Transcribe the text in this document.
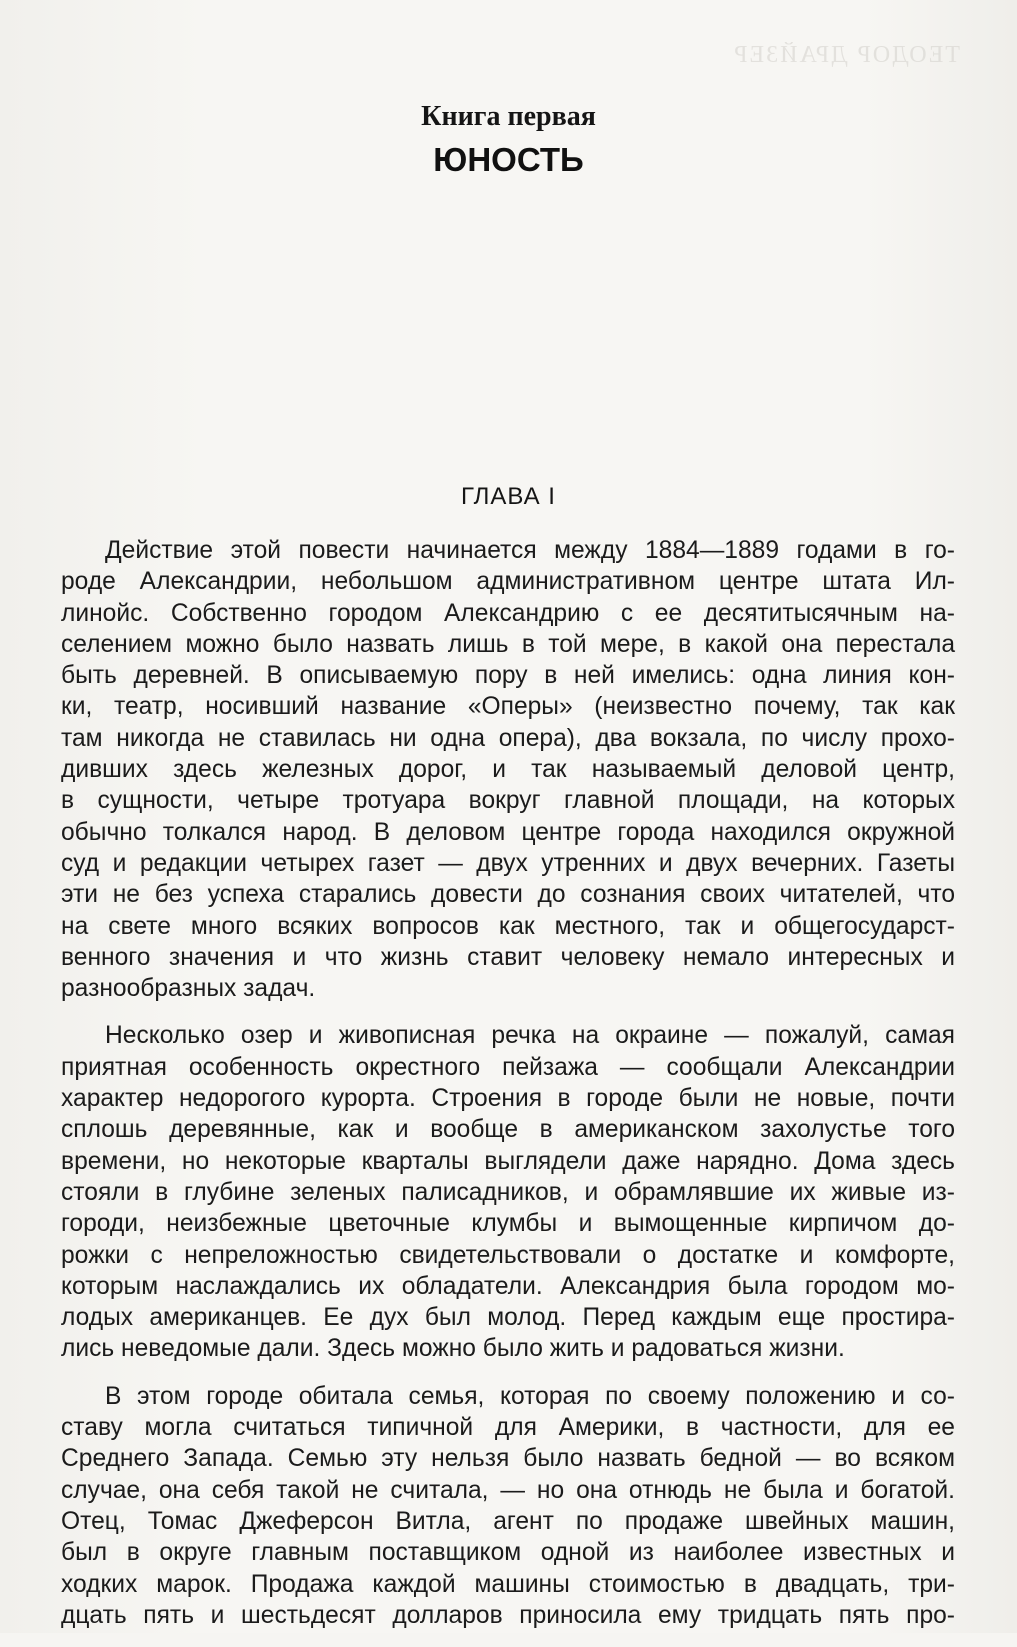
ТЕОДОР ДРАЙЗЕР
Книга первая
ЮНОСТЬ
ГЛАВА I
Действие этой повести начинается между 1884—1889 годами в го-
роде Александрии, небольшом административном центре штата Ил-
линойс. Собственно городом Александрию с ее десятитысячным на-
селением можно было назвать лишь в той мере, в какой она перестала
быть деревней. В описываемую пору в ней имелись: одна линия кон-
ки, театр, носивший название «Оперы» (неизвестно почему, так как
там никогда не ставилась ни одна опера), два вокзала, по числу прохо-
дивших здесь железных дорог, и так называемый деловой центр,
в сущности, четыре тротуара вокруг главной площади, на которых
обычно толкался народ. В деловом центре города находился окружной
суд и редакции четырех газет — двух утренних и двух вечерних. Газеты
эти не без успеха старались довести до сознания своих читателей, что
на свете много всяких вопросов как местного, так и общегосударст-
венного значения и что жизнь ставит человеку немало интересных и
разнообразных задач.
Несколько озер и живописная речка на окраине — пожалуй, самая
приятная особенность окрестного пейзажа — сообщали Александрии
характер недорогого курорта. Строения в городе были не новые, почти
сплошь деревянные, как и вообще в американском захолустье того
времени, но некоторые кварталы выглядели даже нарядно. Дома здесь
стояли в глубине зеленых палисадников, и обрамлявшие их живые из-
городи, неизбежные цветочные клумбы и вымощенные кирпичом до-
рожки с непреложностью свидетельствовали о достатке и комфорте,
которым наслаждались их обладатели. Александрия была городом мо-
лодых американцев. Ее дух был молод. Перед каждым еще простира-
лись неведомые дали. Здесь можно было жить и радоваться жизни.
В этом городе обитала семья, которая по своему положению и со-
ставу могла считаться типичной для Америки, в частности, для ее
Среднего Запада. Семью эту нельзя было назвать бедной — во всяком
случае, она себя такой не считала, — но она отнюдь не была и богатой.
Отец, Томас Джеферсон Витла, агент по продаже швейных машин,
был в округе главным поставщиком одной из наиболее известных и
ходких марок. Продажа каждой машины стоимостью в двадцать, три-
дцать пять и шестьдесят долларов приносила ему тридцать пять про-
